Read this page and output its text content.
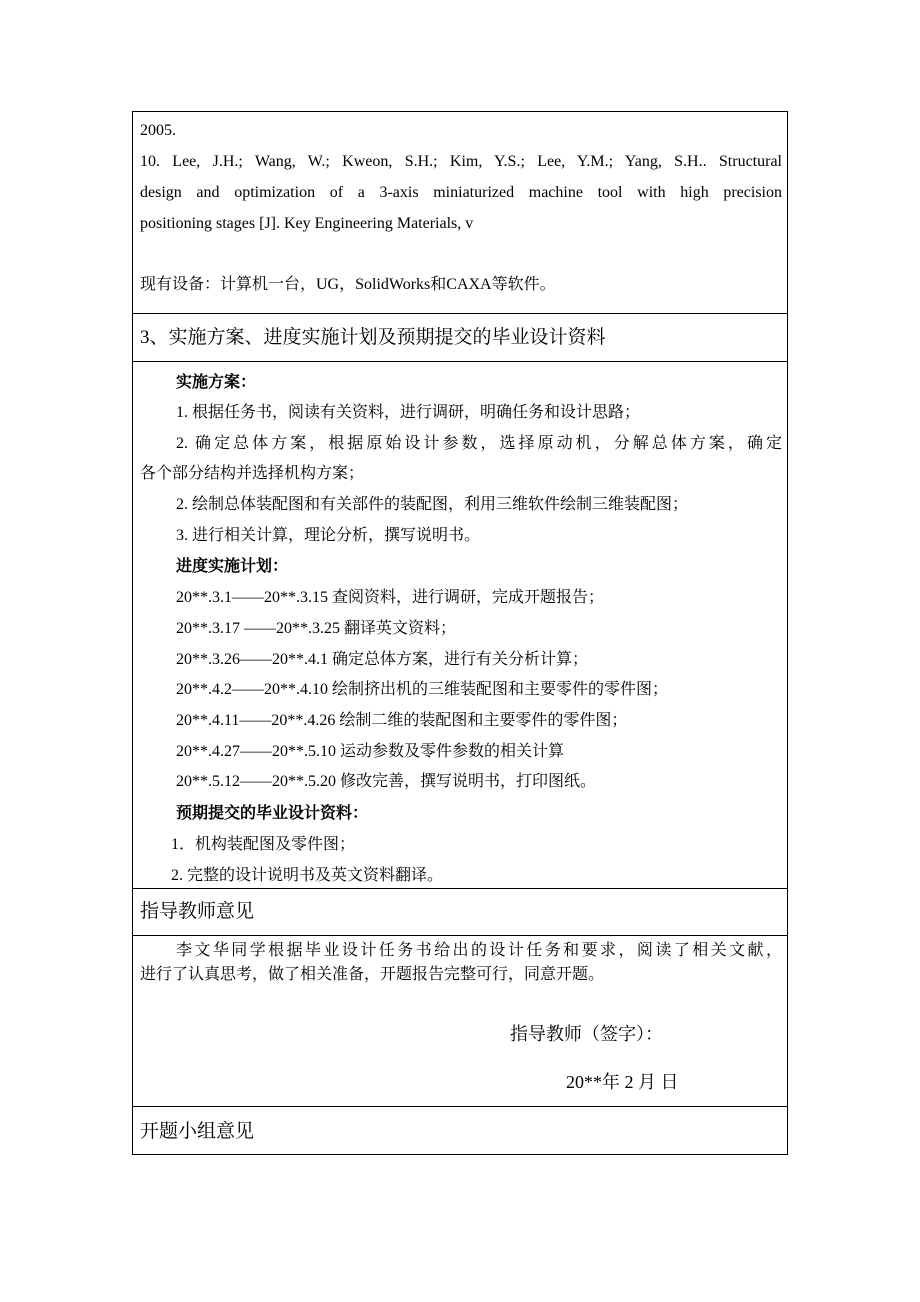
2005.
10. Lee, J.H.; Wang, W.; Kweon, S.H.; Kim, Y.S.; Lee, Y.M.; Yang, S.H.. Structural
design and optimization of a 3-axis miniaturized machine tool with high precision
positioning stages [J]. Key Engineering Materials, v
现有设备：计算机一台，UG，SolidWorks和CAXA等软件。
3、实施方案、进度实施计划及预期提交的毕业设计资料
实施方案：
1. 根据任务书，阅读有关资料，进行调研，明确任务和设计思路；
2. 确定总体方案，根据原始设计参数，选择原动机，分解总体方案，确定
各个部分结构并选择机构方案；
2. 绘制总体装配图和有关部件的装配图，利用三维软件绘制三维装配图；
3. 进行相关计算，理论分析，撰写说明书。
进度实施计划：
20**.3.1——20**.3.15 查阅资料，进行调研，完成开题报告；
20**.3.17 ——20**.3.25 翻译英文资料；
20**.3.26——20**.4.1 确定总体方案，进行有关分析计算；
20**.4.2——20**.4.10 绘制挤出机的三维装配图和主要零件的零件图；
20**.4.11——20**.4.26 绘制二维的装配图和主要零件的零件图；
20**.4.27——20**.5.10 运动参数及零件参数的相关计算
20**.5.12——20**.5.20 修改完善，撰写说明书，打印图纸。
预期提交的毕业设计资料：
1．机构装配图及零件图；
2. 完整的设计说明书及英文资料翻译。
指导教师意见
李文华同学根据毕业设计任务书给出的设计任务和要求，阅读了相关文献，
进行了认真思考，做了相关准备，开题报告完整可行，同意开题。
指导教师（签字）：
20**年 2 月 日
开题小组意见
